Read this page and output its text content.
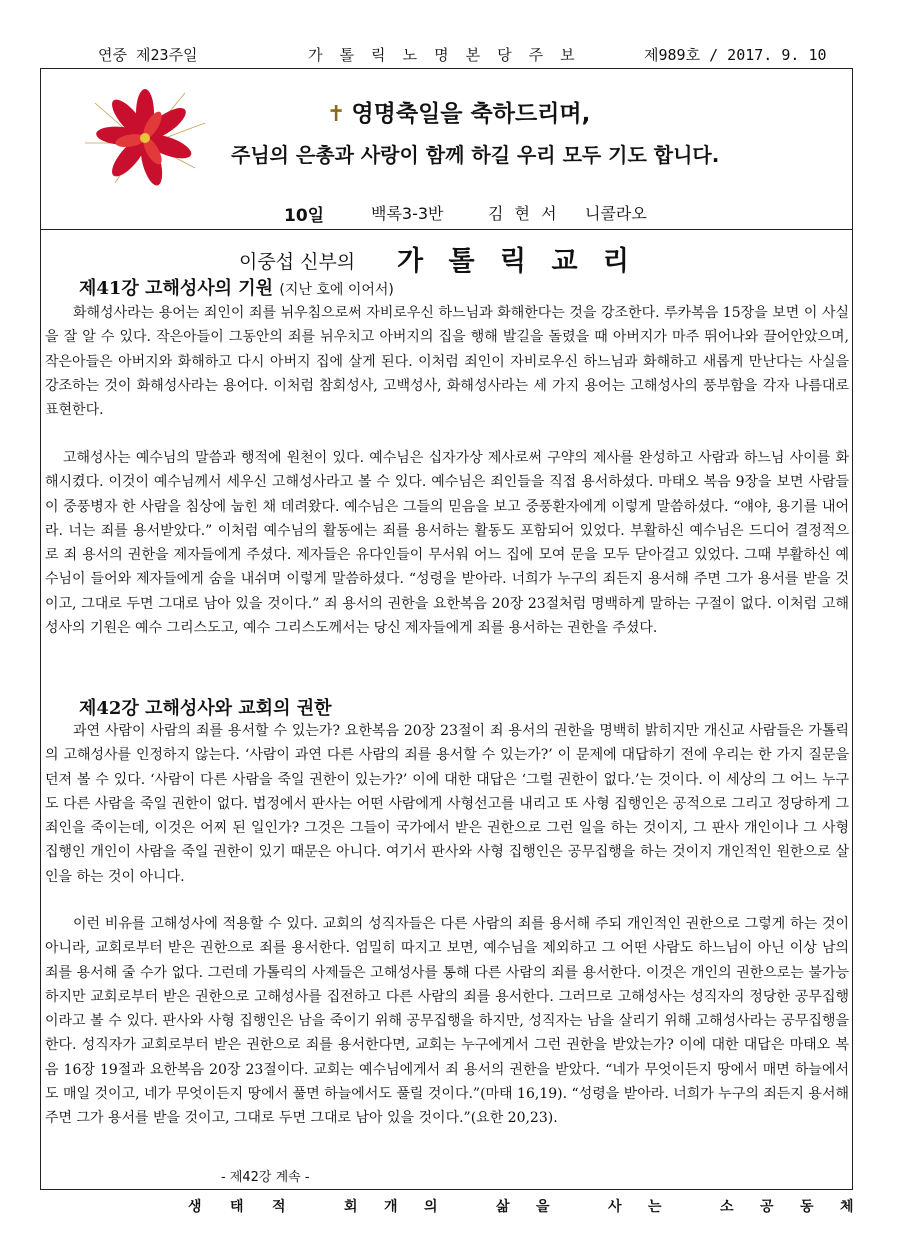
연중 제23주일	가 톨 릭 노 명 본 당 주 보	제989호 / 2017. 9. 10
✝ 영명축일을 축하드리며,
주님의 은총과 사랑이 함께 하길 우리 모두 기도 합니다.
10일	백록3-3반	김 현 서 니콜라오
이중섭 신부의 가 톨 릭 교 리
제41강 고해성사의 기원 (지난 호에 이어서)
화해성사라는 용어는 죄인이 죄를 뉘우침으로써 자비로우신 하느님과 화해한다는 것을 강조한다. 루카복음 15장을 보면 이 사실을 잘 알 수 있다. 작은아들이 그동안의 죄를 뉘우치고 아버지의 집을 행해 발길을 돌렸을 때 아버지가 마주 뛰어나와 끌어안았으며, 작은아들은 아버지와 화해하고 다시 아버지 집에 살게 된다. 이처럼 죄인이 자비로우신 하느님과 화해하고 새롭게 만난다는 사실을 강조하는 것이 화해성사라는 용어다. 이처럼 참회성사, 고백성사, 화해성사라는 세 가지 용어는 고해성사의 풍부함을 각자 나름대로 표현한다.
고해성사는 예수님의 말씀과 행적에 원천이 있다. 예수님은 십자가상 제사로써 구약의 제사를 완성하고 사람과 하느님 사이를 화해시켰다. 이것이 예수님께서 세우신 고해성사라고 볼 수 있다. 예수님은 죄인들을 직접 용서하셨다. 마태오 복음 9장을 보면 사람들이 중풍병자 한 사람을 침상에 눕힌 채 데려왔다. 예수님은 그들의 믿음을 보고 중풍환자에게 이렇게 말씀하셨다. “얘야, 용기를 내어라. 너는 죄를 용서받았다.” 이처럼 예수님의 활동에는 죄를 용서하는 활동도 포함되어 있었다. 부활하신 예수님은 드디어 결정적으로 죄 용서의 권한을 제자들에게 주셨다. 제자들은 유다인들이 무서워 어느 집에 모여 문을 모두 닫아걸고 있었다. 그때 부활하신 예수님이 들어와 제자들에게 숨을 내쉬며 이렇게 말씀하셨다. “성령을 받아라. 너희가 누구의 죄든지 용서해 주면 그가 용서를 받을 것이고, 그대로 두면 그대로 남아 있을 것이다.” 죄 용서의 권한을 요한복음 20장 23절처럼 명백하게 말하는 구절이 없다. 이처럼 고해성사의 기원은 예수 그리스도고, 예수 그리스도께서는 당신 제자들에게 죄를 용서하는 권한을 주셨다.
제42강 고해성사와 교회의 권한
과연 사람이 사람의 죄를 용서할 수 있는가? 요한복음 20장 23절이 죄 용서의 권한을 명백히 밝히지만 개신교 사람들은 가톨릭의 고해성사를 인정하지 않는다. ‘사람이 과연 다른 사람의 죄를 용서할 수 있는가?’ 이 문제에 대답하기 전에 우리는 한 가지 질문을 던져 볼 수 있다. ‘사람이 다른 사람을 죽일 권한이 있는가?’ 이에 대한 대답은 ‘그럴 권한이 없다.’는 것이다. 이 세상의 그 어느 누구도 다른 사람을 죽일 권한이 없다. 법정에서 판사는 어떤 사람에게 사형선고를 내리고 또 사형 집행인은 공적으로 그리고 정당하게 그 죄인을 죽이는데, 이것은 어찌 된 일인가? 그것은 그들이 국가에서 받은 권한으로 그런 일을 하는 것이지, 그 판사 개인이나 그 사형 집행인 개인이 사람을 죽일 권한이 있기 때문은 아니다. 여기서 판사와 사형 집행인은 공무집행을 하는 것이지 개인적인 원한으로 살인을 하는 것이 아니다.
이런 비유를 고해성사에 적용할 수 있다. 교회의 성직자들은 다른 사람의 죄를 용서해 주되 개인적인 권한으로 그렇게 하는 것이 아니라, 교회로부터 받은 권한으로 죄를 용서한다. 엄밀히 따지고 보면, 예수님을 제외하고 그 어떤 사람도 하느님이 아닌 이상 남의 죄를 용서해 줄 수가 없다. 그런데 가톨릭의 사제들은 고해성사를 통해 다른 사람의 죄를 용서한다. 이것은 개인의 권한으로는 불가능하지만 교회로부터 받은 권한으로 고해성사를 집전하고 다른 사람의 죄를 용서한다. 그러므로 고해성사는 성직자의 정당한 공무집행이라고 볼 수 있다. 판사와 사형 집행인은 남을 죽이기 위해 공무집행을 하지만, 성직자는 남을 살리기 위해 고해성사라는 공무집행을 한다. 성직자가 교회로부터 받은 권한으로 죄를 용서한다면, 교회는 누구에게서 그런 권한을 받았는가? 이에 대한 대답은 마태오 복음 16장 19절과 요한복음 20장 23절이다. 교회는 예수님에게서 죄 용서의 권한을 받았다. “네가 무엇이든지 땅에서 매면 하늘에서도 매일 것이고, 네가 무엇이든지 땅에서 풀면 하늘에서도 풀릴 것이다.”(마태 16,19). “성령을 받아라. 너희가 누구의 죄든지 용서해 주면 그가 용서를 받을 것이고, 그대로 두면 그대로 남아 있을 것이다.”(요한 20,23).
- 제42강 계속 -
생 태 적	회 개 의	삶 을	사 는	소 공 동 체
